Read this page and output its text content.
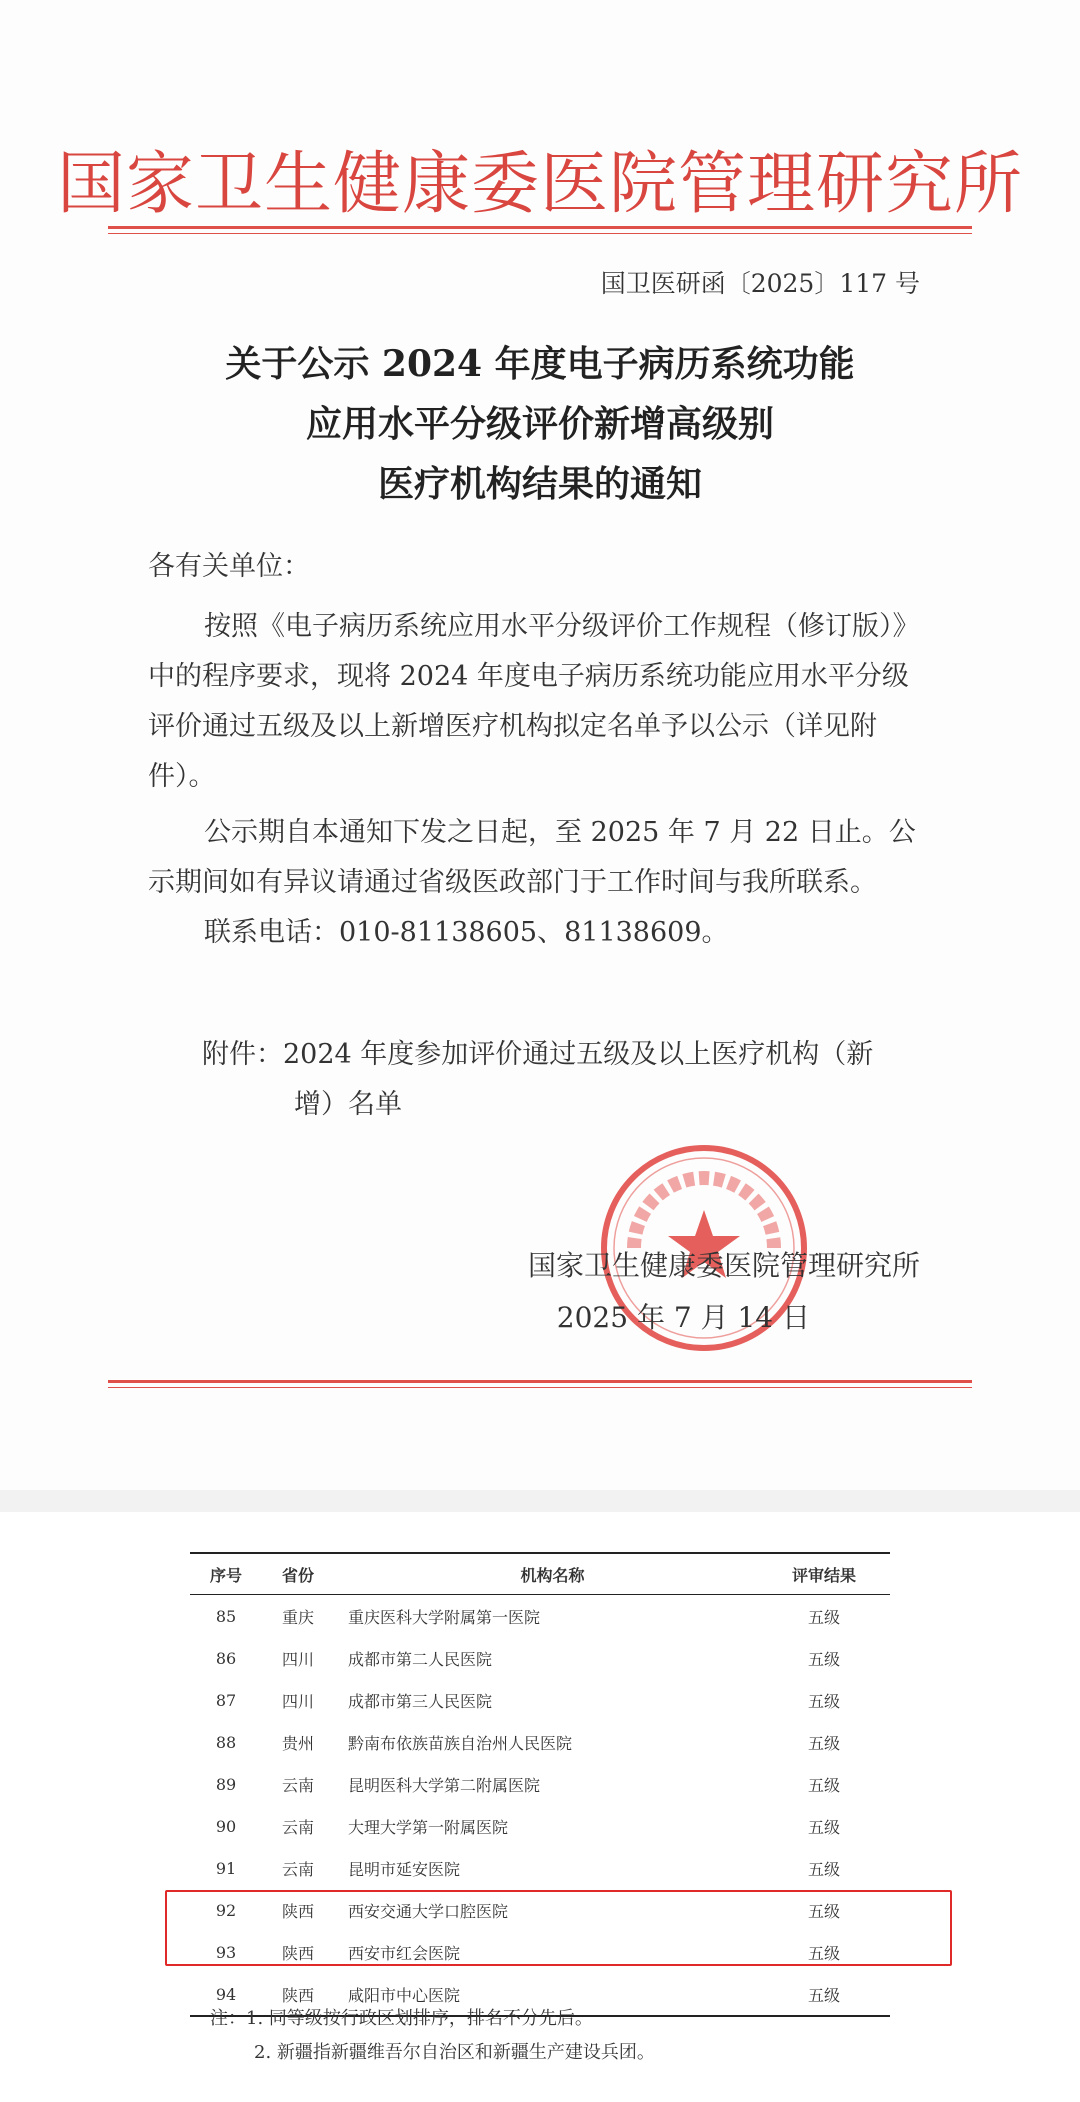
国家卫生健康委医院管理研究所
国卫医研函〔2025〕117 号
关于公示 2024 年度电子病历系统功能
应用水平分级评价新增高级别
医疗机构结果的通知

各有关单位：

按照《电子病历系统应用水平分级评价工作规程（修订版）》中的程序要求，现将 2024 年度电子病历系统功能应用水平分级评价通过五级及以上新增医疗机构拟定名单予以公示（详见附件）。

公示期自本通知下发之日起，至 2025 年 7 月 22 日止。公示期间如有异议请通过省级医政部门于工作时间与我所联系。

联系电话：010-81138605、81138609。

附件：2024 年度参加评价通过五级及以上医疗机构（新

增）名单

国家卫生健康委医院管理研究所
2025 年 7 月 14 日
序号	省份	机构名称	评审结果
85	重庆	重庆医科大学附属第一医院	五级
86	四川	成都市第二人民医院	五级
87	四川	成都市第三人民医院	五级
88	贵州	黔南布依族苗族自治州人民医院	五级
89	云南	昆明医科大学第二附属医院	五级
90	云南	大理大学第一附属医院	五级
91	云南	昆明市延安医院	五级
92	陕西	西安交通大学口腔医院	五级
93	陕西	西安市红会医院	五级
94	陕西	咸阳市中心医院	五级
注：1. 同等级按行政区划排序，排名不分先后。
2. 新疆指新疆维吾尔自治区和新疆生产建设兵团。
